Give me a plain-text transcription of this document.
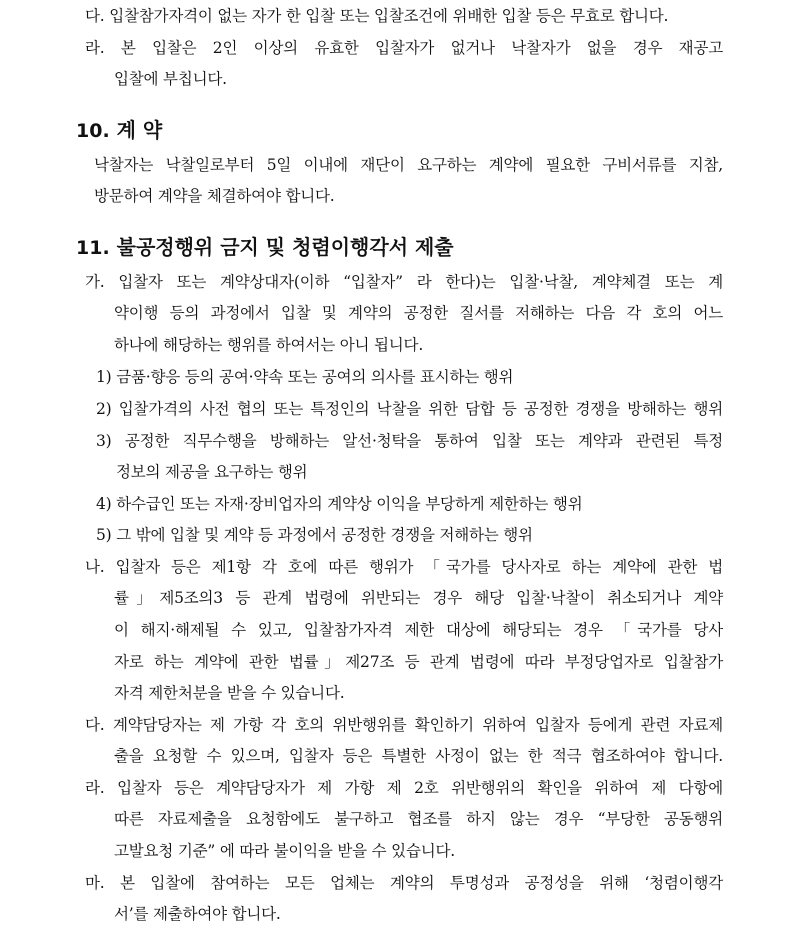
다. 입찰참가자격이 없는 자가 한 입찰 또는 입찰조건에 위배한 입찰 등은 무효로 합니다.
라. 본 입찰은 2인 이상의 유효한 입찰자가 없거나 낙찰자가 없을 경우 재공고
입찰에 부칩니다.
10. 계 약
낙찰자는 낙찰일로부터 5일 이내에 재단이 요구하는 계약에 필요한 구비서류를 지참,
방문하여 계약을 체결하여야 합니다.
11. 불공정행위 금지 및 청렴이행각서 제출
가. 입찰자 또는 계약상대자(이하 “입찰자” 라 한다)는 입찰·낙찰, 계약체결 또는 계
약이행 등의 과정에서 입찰 및 계약의 공정한 질서를 저해하는 다음 각 호의 어느
하나에 해당하는 행위를 하여서는 아니 됩니다.
1) 금품·향응 등의 공여·약속 또는 공여의 의사를 표시하는 행위
2) 입찰가격의 사전 협의 또는 특정인의 낙찰을 위한 담합 등 공정한 경쟁을 방해하는 행위
3) 공정한 직무수행을 방해하는 알선·청탁을 통하여 입찰 또는 계약과 관련된 특정
정보의 제공을 요구하는 행위
4) 하수급인 또는 자재·장비업자의 계약상 이익을 부당하게 제한하는 행위
5) 그 밖에 입찰 및 계약 등 과정에서 공정한 경쟁을 저해하는 행위
나. 입찰자 등은 제1항 각 호에 따른 행위가 「국가를 당사자로 하는 계약에 관한 법
률」제5조의3 등 관계 법령에 위반되는 경우 해당 입찰·낙찰이 취소되거나 계약
이 해지·해제될 수 있고, 입찰참가자격 제한 대상에 해당되는 경우 「국가를 당사
자로 하는 계약에 관한 법률」제27조 등 관계 법령에 따라 부정당업자로 입찰참가
자격 제한처분을 받을 수 있습니다.
다. 계약담당자는 제 가항 각 호의 위반행위를 확인하기 위하여 입찰자 등에게 관련 자료제
출을 요청할 수 있으며, 입찰자 등은 특별한 사정이 없는 한 적극 협조하여야 합니다.
라. 입찰자 등은 계약담당자가 제 가항 제 2호 위반행위의 확인을 위하여 제 다항에
따른 자료제출을 요청함에도 불구하고 협조를 하지 않는 경우 “부당한 공동행위
고발요청 기준” 에 따라 불이익을 받을 수 있습니다.
마. 본 입찰에 참여하는 모든 업체는 계약의 투명성과 공정성을 위해 ‘청렴이행각
서’를 제출하여야 합니다.
